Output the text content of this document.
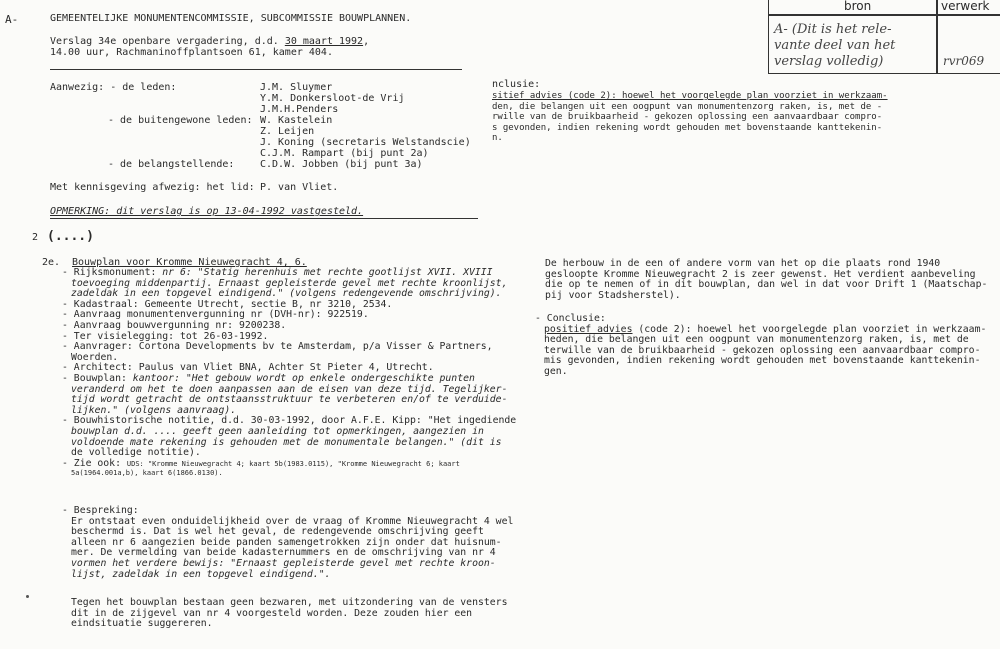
A-	GEMEENTELIJKE MONUMENTENCOMMISSIE, SUBCOMMISSIE BOUWPLANNEN.
Verslag 34e openbare vergadering, d.d. 30 maart 1992,
14.00 uur, Rachmaninoffplantsoen 61, kamer 404.
bron	verwerk
A- (Dit is het rele-
vante deel van het
verslag volledig)	rvr069
Aanwezig: - de leden:	J.M. Sluymer
Y.M. Donkersloot-de Vrij
J.M.H.Penders
- de buitengewone leden: W. Kastelein
Z. Leijen
J. Koning (secretaris Welstandscie)
C.J.M. Rampart (bij punt 2a)
- de belangstellende:	C.D.W. Jobben (bij punt 3a)
Met kennisgeving afwezig: het lid: P. van Vliet.
OPMERKING: dit verslag is op 13-04-1992 vastgesteld.
nclusie:
sitief advies (code 2): hoewel het voorgelegde plan voorziet in werkzaam-
den, die belangen uit een oogpunt van monumentenzorg raken, is, met de -
rwille van de bruikbaarheid - gekozen oplossing een aanvaardbaar compro-
s gevonden, indien rekening wordt gehouden met bovenstaande kanttekenin-
n.
2 (....)
2e. Bouwplan voor Kromme Nieuwegracht 4, 6.
- Rijksmonument: nr 6: "Statig herenhuis met rechte gootlijst XVII. XVIII
toevoeging middenpartij. Ernaast gepleisterde gevel met rechte kroonlijst,
zadeldak in een topgevel eindigend." (volgens redengevende omschrijving).
- Kadastraal: Gemeente Utrecht, sectie B, nr 3210, 2534.
- Aanvraag monumentenvergunning nr (DVH-nr): 922519.
- Aanvraag bouwvergunning nr: 9200238.
- Ter visielegging: tot 26-03-1992.
- Aanvrager: Cortona Developments bv te Amsterdam, p/a Visser & Partners,
Woerden.
- Architect: Paulus van Vliet BNA, Achter St Pieter 4, Utrecht.
- Bouwplan: kantoor: "Het gebouw wordt op enkele ondergeschikte punten
veranderd om het te doen aanpassen aan de eisen van deze tijd. Tegelijker-
tijd wordt getracht de ontstaansstruktuur te verbeteren en/of te verduide-
lijken." (volgens aanvraag).
- Bouwhistorische notitie, d.d. 30-03-1992, door A.F.E. Kipp: "Het ingediende
bouwplan d.d. .... geeft geen aanleiding tot opmerkingen, aangezien in
voldoende mate rekening is gehouden met de monumentale belangen." (dit is
de volledige notitie).
- Zie ook: UDS: "Kromme Nieuwegracht 4; kaart 5b(1983.0115), "Kromme Nieuwegracht 6; kaart
5a(1964.001a,b), kaart 6(1866.0130).
- Bespreking:
Er ontstaat even onduidelijkheid over de vraag of Kromme Nieuwegracht 4 wel
beschermd is. Dat is wel het geval, de redengevende omschrijving geeft
alleen nr 6 aangezien beide panden samengetrokken zijn onder dat huisnum-
mer. De vermelding van beide kadasternummers en de omschrijving van nr 4
vormen het verdere bewijs: "Ernaast gepleisterde gevel met rechte kroon-
lijst, zadeldak in een topgevel eindigend.".
Tegen het bouwplan bestaan geen bezwaren, met uitzondering van de vensters
dit in de zijgevel van nr 4 voorgesteld worden. Deze zouden hier een
eindsituatie suggereren.
De herbouw in de een of andere vorm van het op die plaats rond 1940
gesloopte Kromme Nieuwegracht 2 is zeer gewenst. Het verdient aanbeveling
die op te nemen of in dit bouwplan, dan wel in dat voor Drift 1 (Maatschap-
pij voor Stadsherstel).
- Conclusie:
positief advies (code 2): hoewel het voorgelegde plan voorziet in werkzaam-
heden, die belangen uit een oogpunt van monumentenzorg raken, is, met de
terwille van de bruikbaarheid - gekozen oplossing een aanvaardbaar compro-
mis gevonden, indien rekening wordt gehouden met bovenstaande kanttekenin-
gen.
